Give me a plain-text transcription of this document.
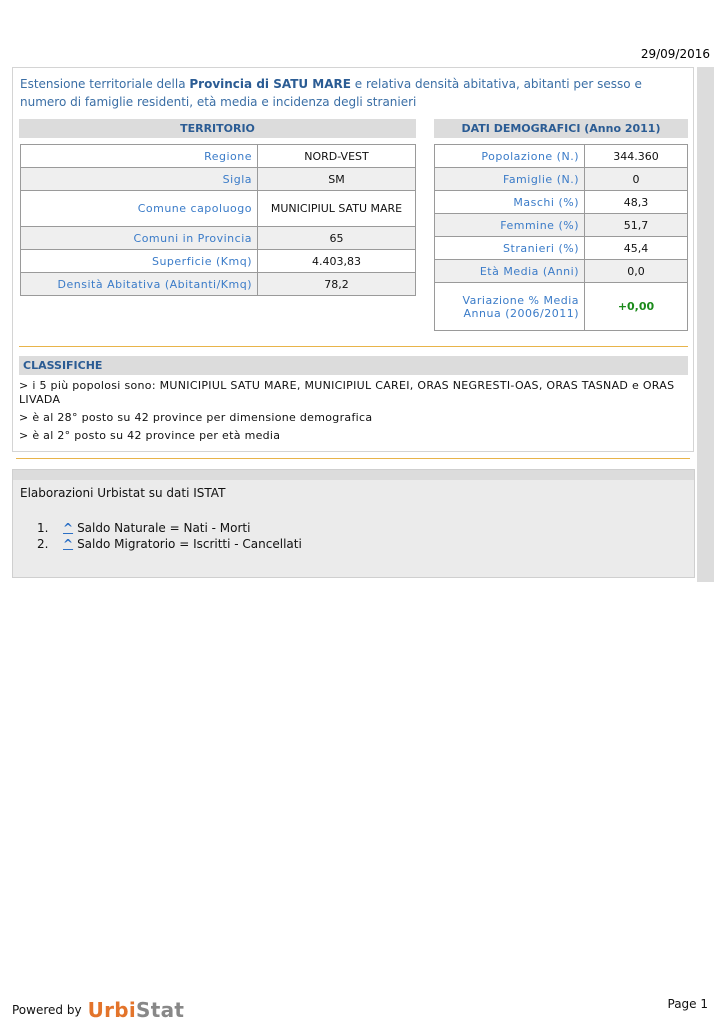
29/09/2016
Estensione territoriale della Provincia di SATU MARE e relativa densità abitativa, abitanti per sesso e numero di famiglie residenti, età media e incidenza degli stranieri
TERRITORIO	DATI DEMOGRAFICI (Anno 2011)
Regione	NORD-VEST
Sigla	SM
Comune capoluogo	MUNICIPIUL SATU MARE
Comuni in Provincia	65
Superficie (Kmq)	4.403,83
Densità Abitativa (Abitanti/Kmq)	78,2
Popolazione (N.)	344.360
Famiglie (N.)	0
Maschi (%)	48,3
Femmine (%)	51,7
Stranieri (%)	45,4
Età Media (Anni)	0,0
Variazione % Media Annua (2006/2011)	+0,00
CLASSIFICHE
> i 5 più popolosi sono: MUNICIPIUL SATU MARE, MUNICIPIUL CAREI, ORAS NEGRESTI-OAS, ORAS TASNAD e ORAS LIVADA
> è al 28° posto su 42 province per dimensione demografica
> è al 2° posto su 42 province per età media
Elaborazioni Urbistat su dati ISTAT
1. ^ Saldo Naturale = Nati - Morti
2. ^ Saldo Migratorio = Iscritti - Cancellati
Powered by UrbiStat	Page 1
